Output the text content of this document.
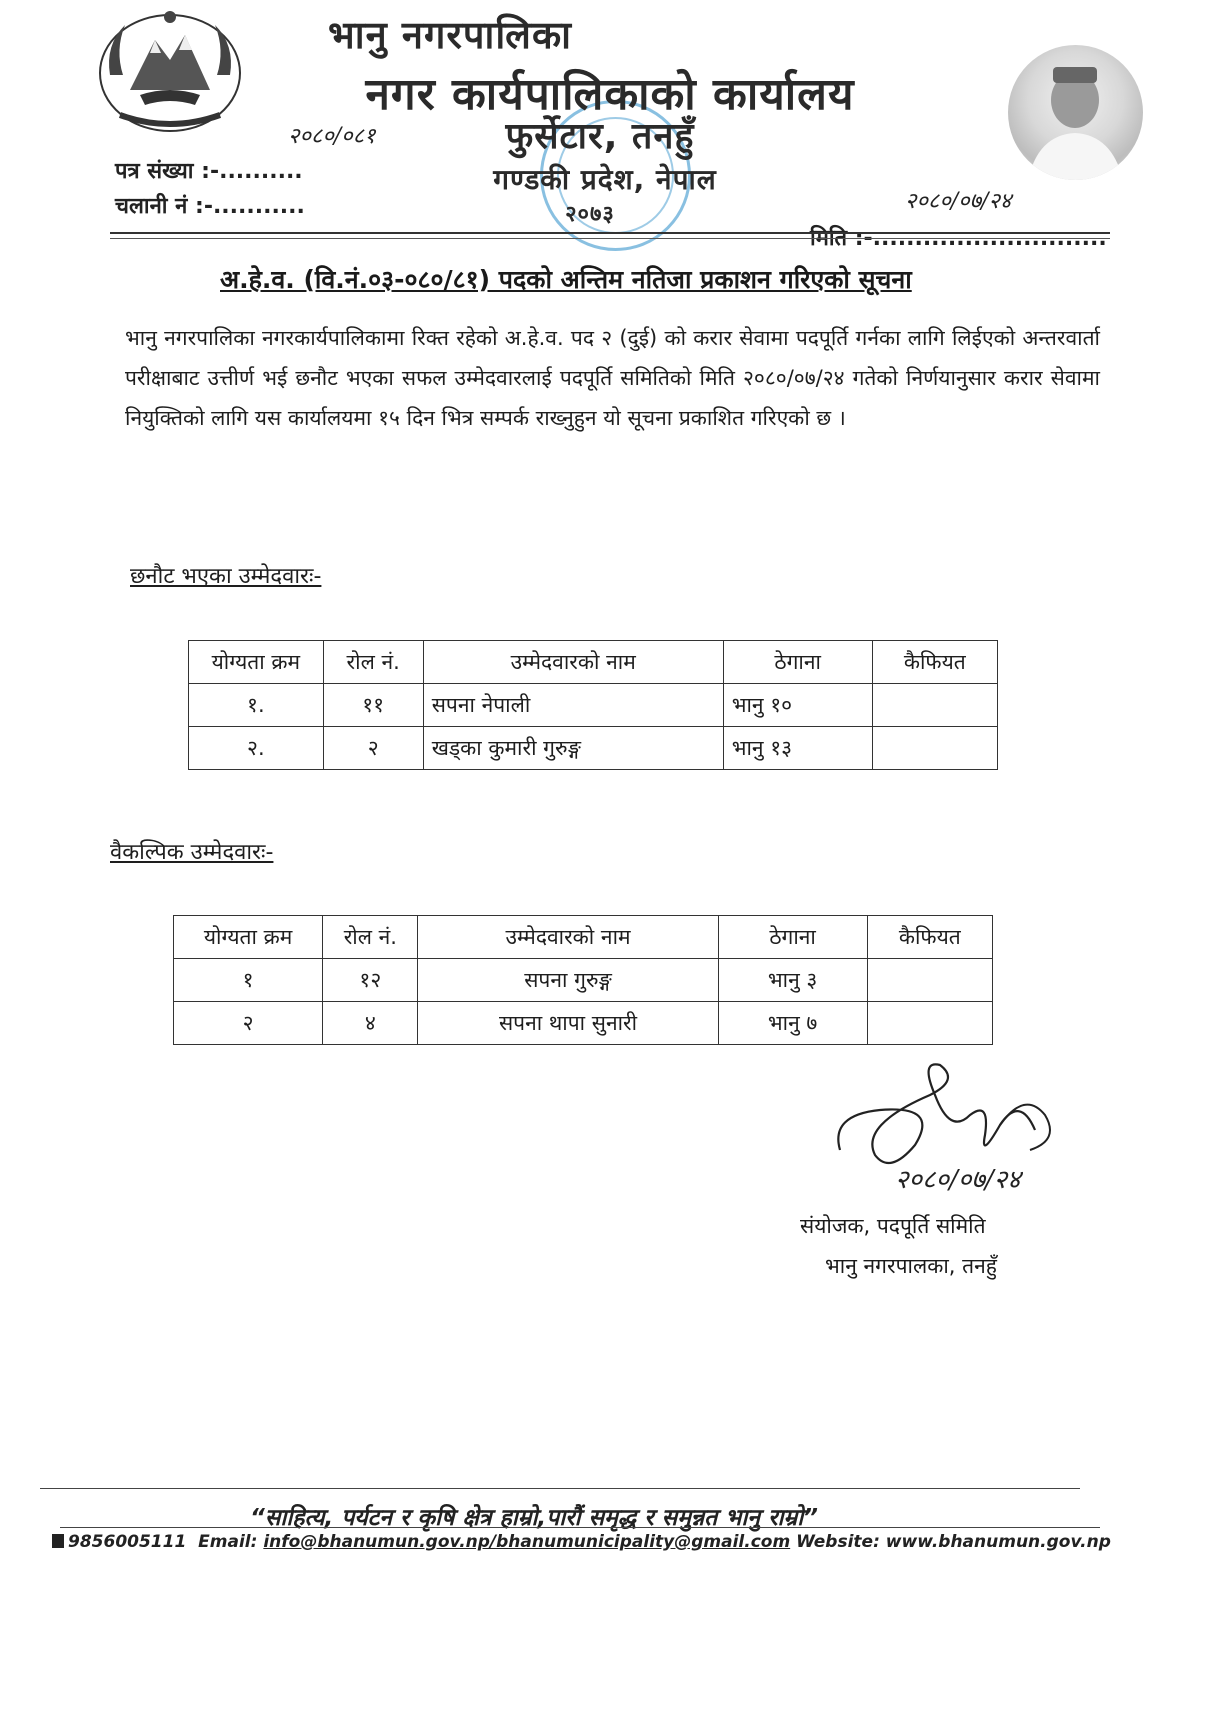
भानु नगरपालिका
नगर कार्यपालिकाको कार्यालय
फुर्सेटार, तनहुँ
गण्डकी प्रदेश, नेपाल
२०७३
२०८०/०८१
पत्र संख्या :-..........
चलानी नं :-...........	२०८०/०७/२४
मिति :-............................
अ.हे.व. (वि.नं.०३-०८०/८१) पदको अन्तिम नतिजा प्रकाशन गरिएको सूचना
भानु नगरपालिका नगरकार्यपालिकामा रिक्त रहेको अ.हे.व. पद २ (दुई) को करार सेवामा पदपूर्ति गर्नका लागि लिईएको अन्तरवार्ता परीक्षाबाट उत्तीर्ण भई छनौट भएका सफल उम्मेदवारलाई पदपूर्ति समितिको मिति २०८०/०७/२४ गतेको निर्णयानुसार करार सेवामा नियुक्तिको लागि यस कार्यालयमा १५ दिन भित्र सम्पर्क राख्नुहुन यो सूचना प्रकाशित गरिएको छ ।
छनौट भएका उम्मेदवारः-
योग्यता क्रम	रोल नं.	उम्मेदवारको नाम	ठेगाना	कैफियत
१.	११	सपना नेपाली	भानु १०	
२.	२	खड्का कुमारी गुरुङ्ग	भानु १३	
वैकल्पिक उम्मेदवारः-
योग्यता क्रम	रोल नं.	उम्मेदवारको नाम	ठेगाना	कैफियत
१	१२	सपना गुरुङ्ग	भानु ३	
२	४	सपना थापा सुनारी	भानु ७	
२०८०/०७/२४
संयोजक, पदपूर्ति समिति
भानु नगरपालका, तनहुँ
“साहित्य, पर्यटन र कृषि क्षेत्र हाम्रो,पारौं समृद्ध र समुन्नत भानु राम्रो”
9856005111 Email: info@bhanumun.gov.np/bhanumunicipality@gmail.com Website: www.bhanumun.gov.np
